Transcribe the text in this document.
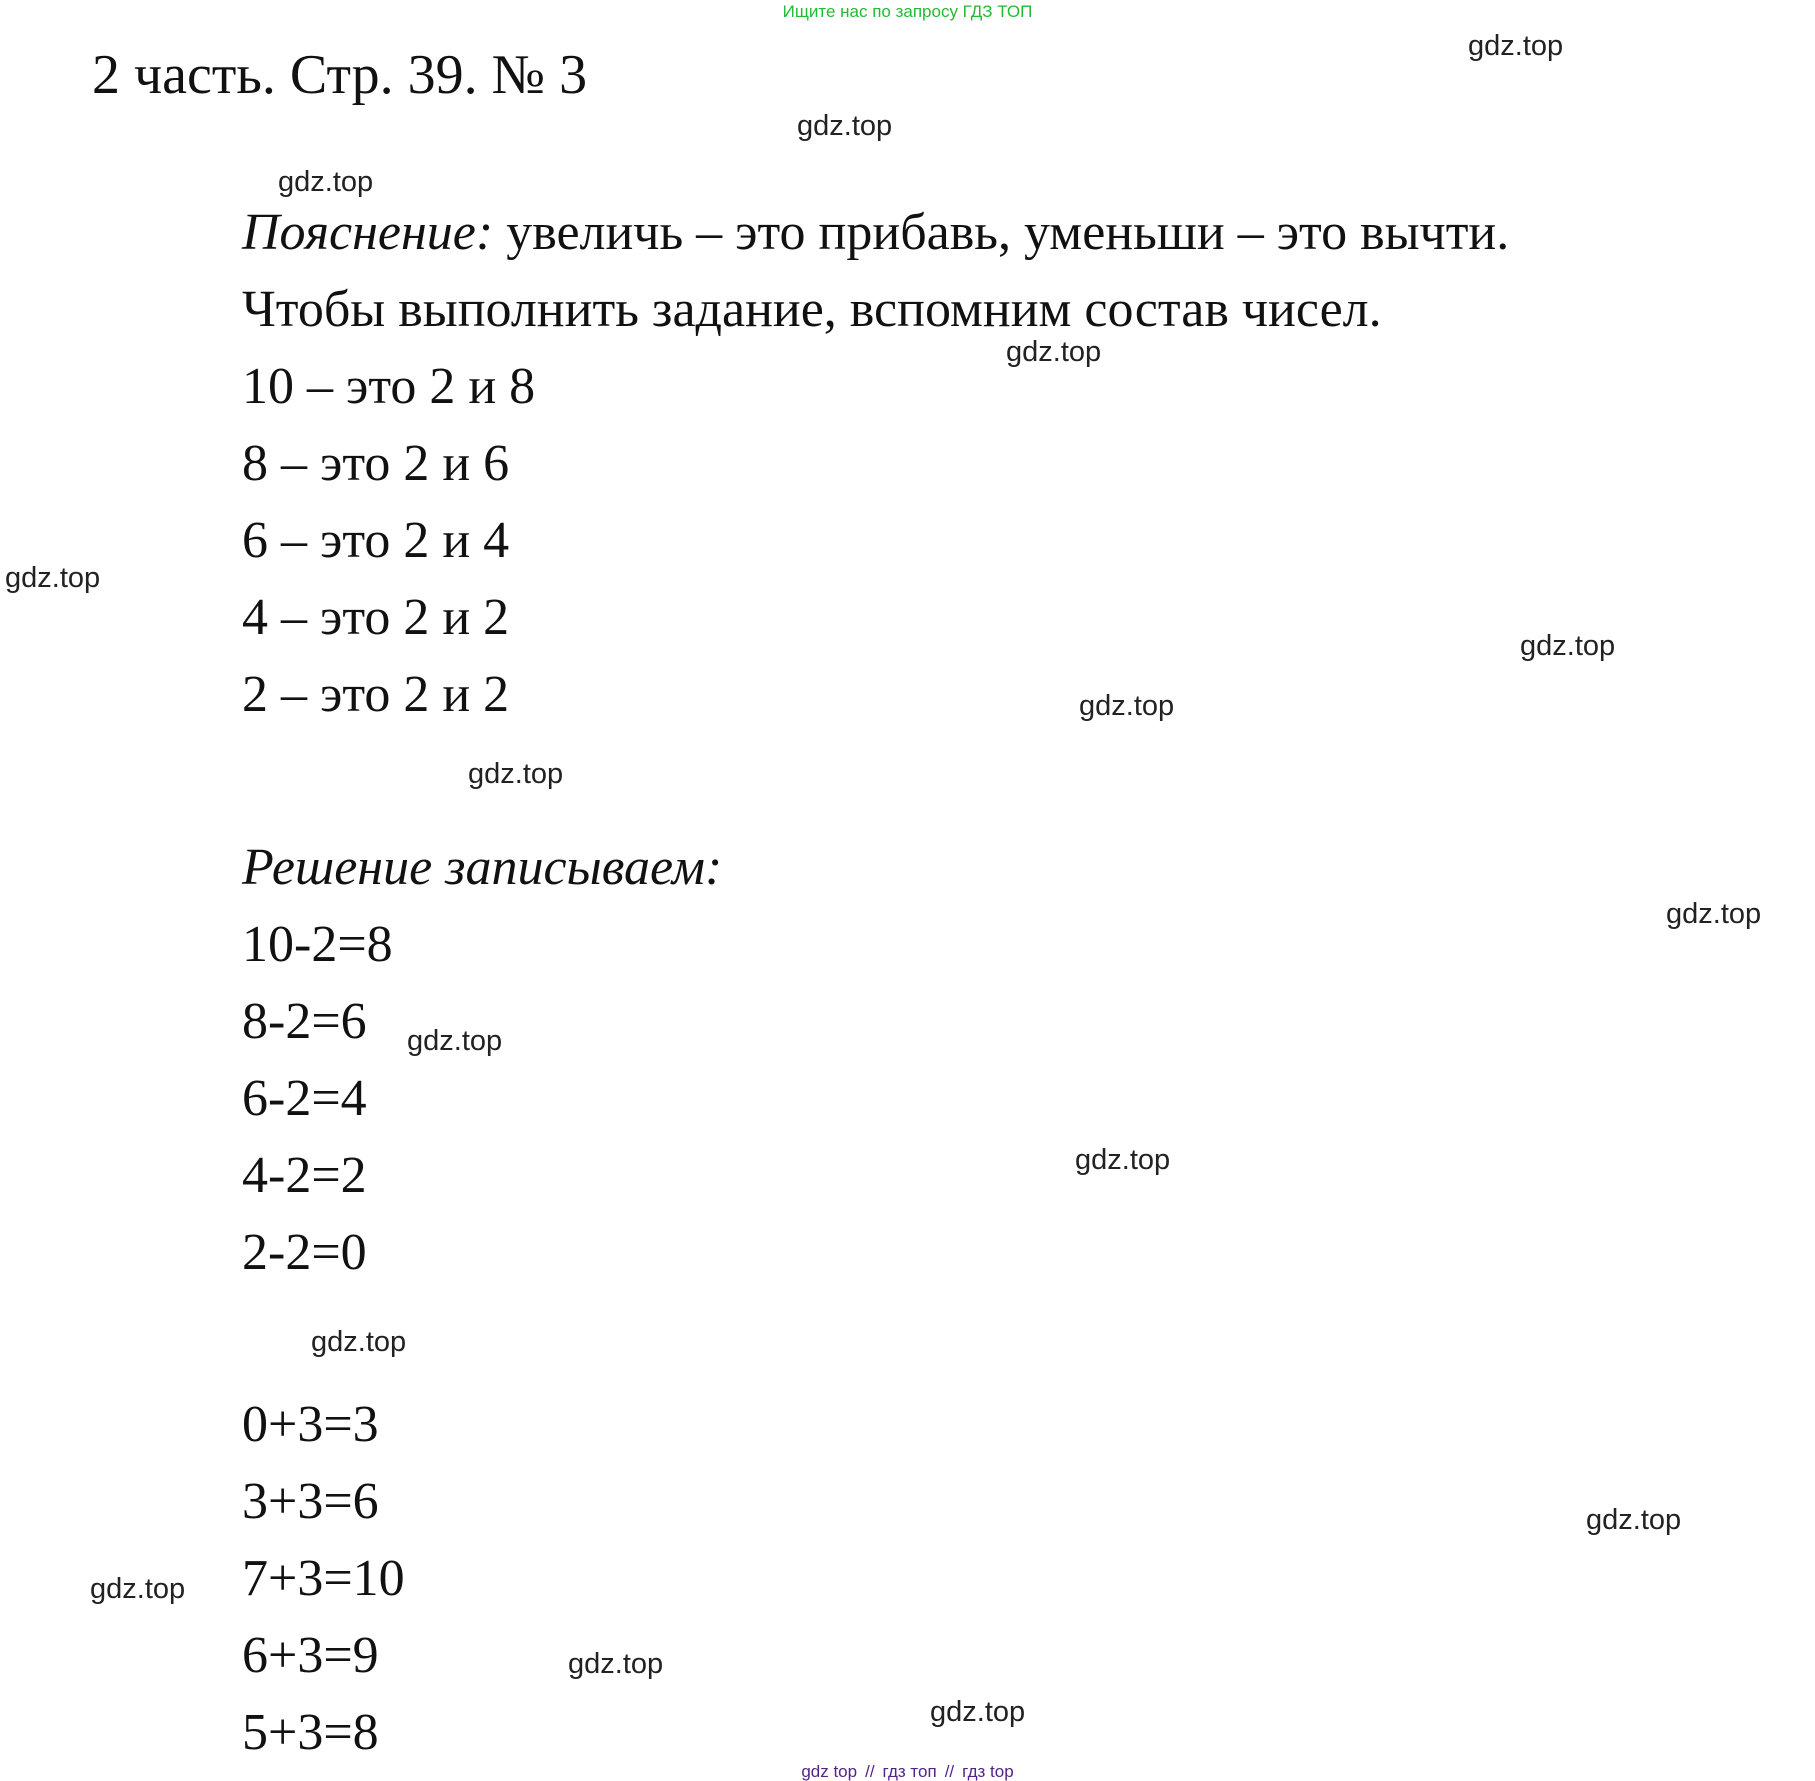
Ищите нас по запросу ГДЗ ТОП
2 часть. Стр. 39. № 3
Пояснение: увеличь – это прибавь, уменьши – это вычти.
Чтобы выполнить задание, вспомним состав чисел.
10 – это 2 и 8
8 – это 2 и 6
6 – это 2 и 4
4 – это 2 и 2
2 – это 2 и 2
Решение записываем:
10-2=8
8-2=6
6-2=4
4-2=2
2-2=0
0+3=3
3+3=6
7+3=10
6+3=9
5+3=8
gdz.top
gdz.top
gdz.top
gdz.top
gdz.top
gdz.top
gdz.top
gdz.top
gdz.top
gdz.top
gdz.top
gdz.top
gdz.top
gdz.top
gdz.top
gdz.top
gdz top // гдз топ // гдз top
